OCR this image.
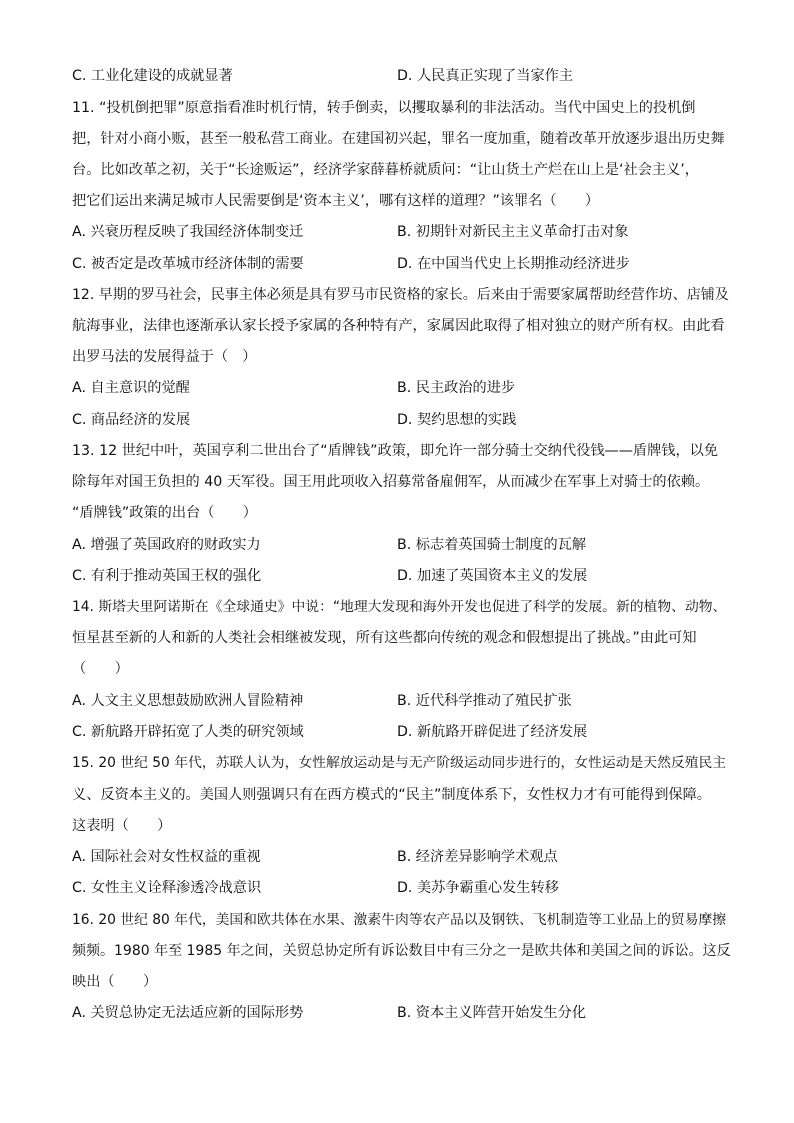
C. 工业化建设的成就显著	D. 人民真正实现了当家作主
11. “投机倒把罪”原意指看准时机行情，转手倒卖，以攫取暴利的非法活动。当代中国史上的投机倒
把，针对小商小贩，甚至一般私营工商业。在建国初兴起，罪名一度加重，随着改革开放逐步退出历史舞
台。比如改革之初，关于“长途贩运”，经济学家薛暮桥就质问：“让山货土产烂在山上是‘社会主义’，
把它们运出来满足城市人民需要倒是‘资本主义’，哪有这样的道理？”该罪名（　　）
A. 兴衰历程反映了我国经济体制变迁	B. 初期针对新民主主义革命打击对象
C. 被否定是改革城市经济体制的需要	D. 在中国当代史上长期推动经济进步
12. 早期的罗马社会，民事主体必须是具有罗马市民资格的家长。后来由于需要家属帮助经营作坊、店铺及
航海事业，法律也逐渐承认家长授予家属的各种特有产，家属因此取得了相对独立的财产所有权。由此看
出罗马法的发展得益于（　）
A. 自主意识的觉醒	B. 民主政治的进步
C. 商品经济的发展	D. 契约思想的实践
13. 12 世纪中叶，英国亨利二世出台了“盾牌钱”政策，即允许一部分骑士交纳代役钱——盾牌钱，以免
除每年对国王负担的 40 天军役。国王用此项收入招募常备雇佣军，从而减少在军事上对骑士的依赖。
“盾牌钱”政策的出台（　　）
A. 增强了英国政府的财政实力	B. 标志着英国骑士制度的瓦解
C. 有利于推动英国王权的强化	D. 加速了英国资本主义的发展
14. 斯塔夫里阿诺斯在《全球通史》中说：“地理大发现和海外开发也促进了科学的发展。新的植物、动物、
恒星甚至新的人和新的人类社会相继被发现，所有这些都向传统的观念和假想提出了挑战。”由此可知
（　　）
A. 人文主义思想鼓励欧洲人冒险精神	B. 近代科学推动了殖民扩张
C. 新航路开辟拓宽了人类的研究领域	D. 新航路开辟促进了经济发展
15. 20 世纪 50 年代，苏联人认为，女性解放运动是与无产阶级运动同步进行的，女性运动是天然反殖民主
义、反资本主义的。美国人则强调只有在西方模式的“民主”制度体系下，女性权力才有可能得到保障。
这表明（　　）
A. 国际社会对女性权益的重视	B. 经济差异影响学术观点
C. 女性主义诠释渗透冷战意识	D. 美苏争霸重心发生转移
16. 20 世纪 80 年代，美国和欧共体在水果、激素牛肉等农产品以及钢铁、飞机制造等工业品上的贸易摩擦
频频。1980 年至 1985 年之间，关贸总协定所有诉讼数目中有三分之一是欧共体和美国之间的诉讼。这反
映出（　　）
A. 关贸总协定无法适应新的国际形势	B. 资本主义阵营开始发生分化
